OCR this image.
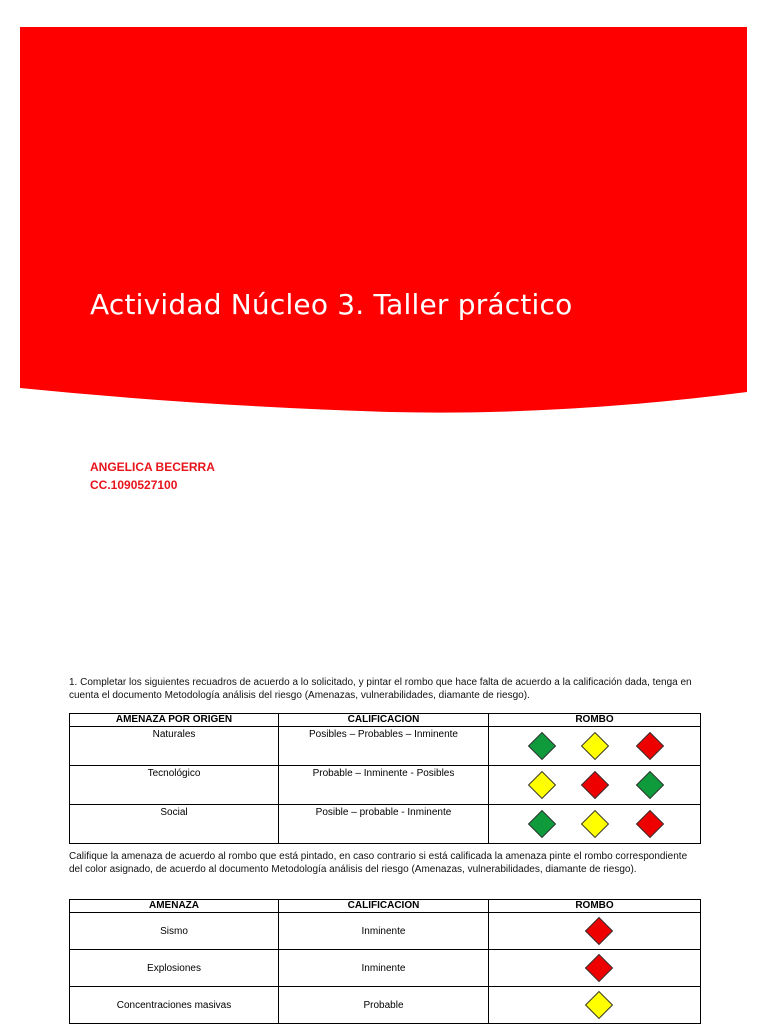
Actividad Núcleo 3. Taller práctico
ANGELICA BECERRA
CC.1090527100
1. Completar los siguientes recuadros de acuerdo a lo solicitado, y pintar el rombo que hace falta de acuerdo a la calificación dada, tenga en cuenta el documento Metodología análisis del riesgo (Amenazas, vulnerabilidades, diamante de riesgo).
AMENAZA POR ORIGEN	CALIFICACION	ROMBO
Naturales	Posibles – Probables – Inminente	

Tecnológico	Probable – Inminente - Posibles	

Social	Posible – probable - Inminente	
Califique la amenaza de acuerdo al rombo que está pintado, en caso contrario si está calificada la amenaza pinte el rombo correspondiente del color asignado, de acuerdo al documento Metodología análisis del riesgo (Amenazas, vulnerabilidades, diamante de riesgo).
AMENAZA	CALIFICACION	ROMBO
Sismo	Inminente	

Explosiones	Inminente	

Concentraciones masivas	Probable	
